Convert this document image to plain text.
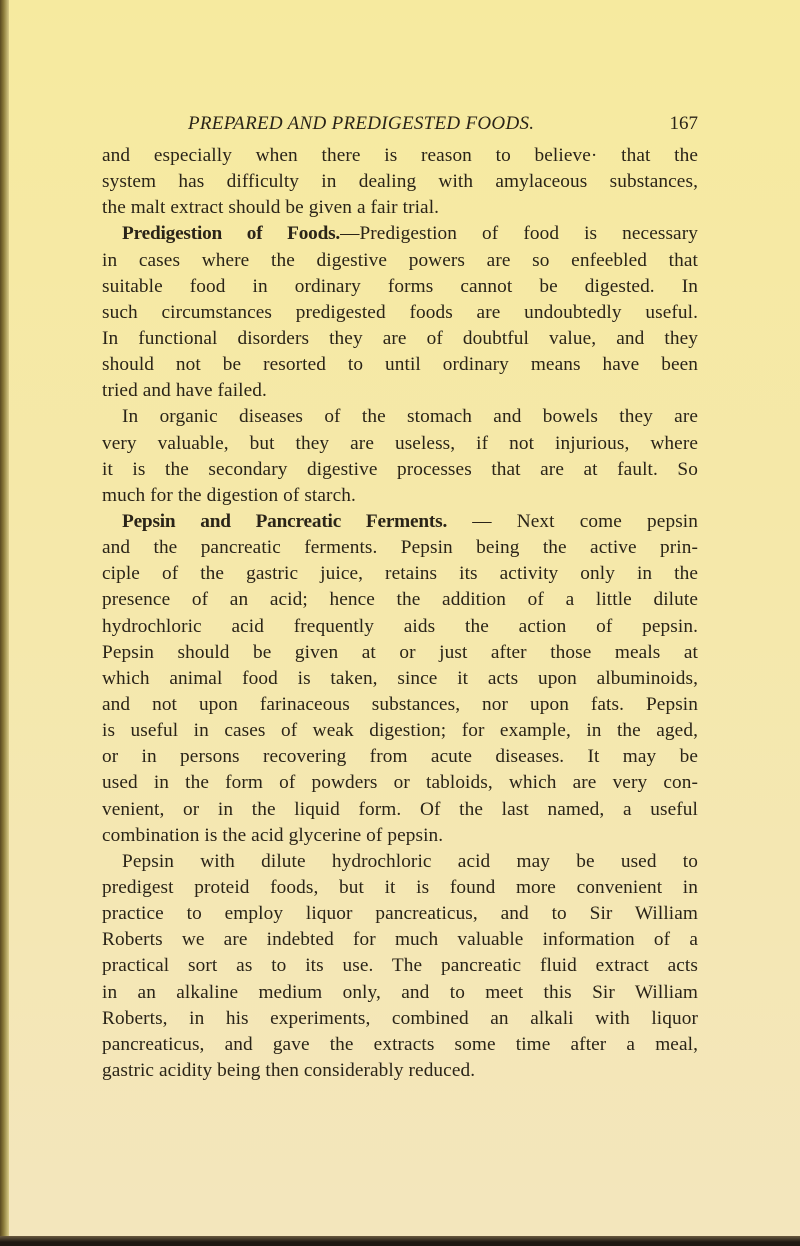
PREPARED AND PREDIGESTED FOODS.	167
and especially when there is reason to believe· that the
system has difficulty in dealing with amylaceous substances,
the malt extract should be given a fair trial.
Predigestion of Foods.—Predigestion of food is necessary
in cases where the digestive powers are so enfeebled that
suitable food in ordinary forms cannot be digested. In
such circumstances predigested foods are undoubtedly useful.
In functional disorders they are of doubtful value, and they
should not be resorted to until ordinary means have been
tried and have failed.
In organic diseases of the stomach and bowels they are
very valuable, but they are useless, if not injurious, where
it is the secondary digestive processes that are at fault. So
much for the digestion of starch.
Pepsin and Pancreatic Ferments. — Next come pepsin
and the pancreatic ferments. Pepsin being the active prin-
ciple of the gastric juice, retains its activity only in the
presence of an acid; hence the addition of a little dilute
hydrochloric acid frequently aids the action of pepsin.
Pepsin should be given at or just after those meals at
which animal food is taken, since it acts upon albuminoids,
and not upon farinaceous substances, nor upon fats. Pepsin
is useful in cases of weak digestion; for example, in the aged,
or in persons recovering from acute diseases. It may be
used in the form of powders or tabloids, which are very con-
venient, or in the liquid form. Of the last named, a useful
combination is the acid glycerine of pepsin.
Pepsin with dilute hydrochloric acid may be used to
predigest proteid foods, but it is found more convenient in
practice to employ liquor pancreaticus, and to Sir William
Roberts we are indebted for much valuable information of a
practical sort as to its use. The pancreatic fluid extract acts
in an alkaline medium only, and to meet this Sir William
Roberts, in his experiments, combined an alkali with liquor
pancreaticus, and gave the extracts some time after a meal,
gastric acidity being then considerably reduced.
